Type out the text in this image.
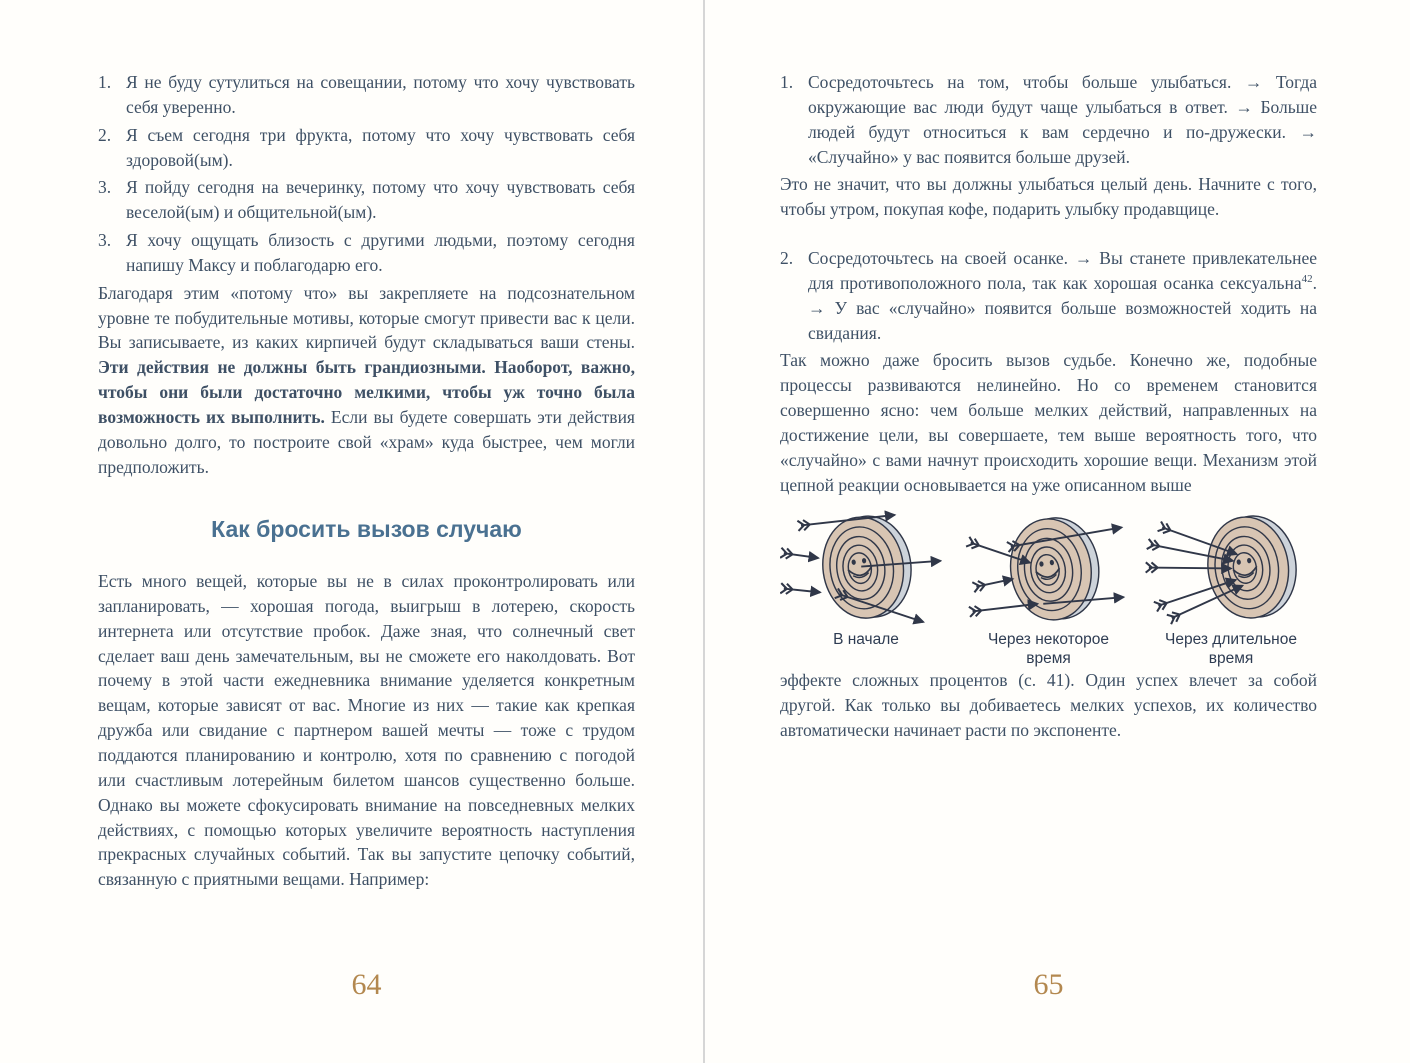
1. Я не буду сутулиться на совещании, потому что хочу чувствовать себя уверенно.
2. Я съем сегодня три фрукта, потому что хочу чувствовать себя здоровой(ым).
3. Я пойду сегодня на вечеринку, потому что хочу чувствовать себя веселой(ым) и общительной(ым).
3. Я хочу ощущать близость с другими людьми, поэтому сегодня напишу Максу и поблагодарю его.

Благодаря этим «потому что» вы закрепляете на подсознательном уровне те побудительные мотивы, которые смогут привести вас к цели. Вы записываете, из каких кирпичей будут складываться ваши стены. Эти действия не должны быть грандиозными. Наоборот, важно, чтобы они были достаточно мелкими, чтобы уж точно была возможность их выполнить. Если вы будете совершать эти действия довольно долго, то построите свой «храм» куда быстрее, чем могли предположить.

Как бросить вызов случаю

Есть много вещей, которые вы не в силах проконтролировать или запланировать, — хорошая погода, выигрыш в лотерею, скорость интернета или отсутствие пробок. Даже зная, что солнечный свет сделает ваш день замечательным, вы не сможете его наколдовать. Вот почему в этой части ежедневника внимание уделяется конкретным вещам, которые зависят от вас. Многие из них — такие как крепкая дружба или свидание с партнером вашей мечты — тоже с трудом поддаются планированию и контролю, хотя по сравнению с погодой или счастливым лотерейным билетом шансов существенно больше. Однако вы можете сфокусировать внимание на повседневных мелких действиях, с помощью которых увеличите вероятность наступления прекрасных случайных событий. Так вы запустите цепочку событий, связанную с приятными вещами. Например:

64
1. Сосредоточьтесь на том, чтобы больше улыбаться. → Тогда окружающие вас люди будут чаще улыбаться в ответ. → Больше людей будут относиться к вам сердечно и по-дружески. → «Случайно» у вас появится больше друзей.

Это не значит, что вы должны улыбаться целый день. Начните с того, чтобы утром, покупая кофе, подарить улыбку продавщице.

2. Сосредоточьтесь на своей осанке. → Вы станете привлекательнее для противоположного пола, так как хорошая осанка сексуальна$^{42}$. → У вас «случайно» появится больше возможностей ходить на свидания.

Так можно даже бросить вызов судьбе. Конечно же, подобные процессы развиваются нелинейно. Но со временем становится совершенно ясно: чем больше мелких действий, направленных на достижение цели, вы совершаете, тем выше вероятность того, что «случайно» с вами начнут происходить хорошие вещи. Механизм этой цепной реакции основывается на уже описанном выше

В начале	Через некоторое время
Через длительное время

эффекте сложных процентов (с. 41). Один успех влечет за собой другой. Как только вы добиваетесь мелких успехов, их количество автоматически начинает расти по экспоненте.

65
